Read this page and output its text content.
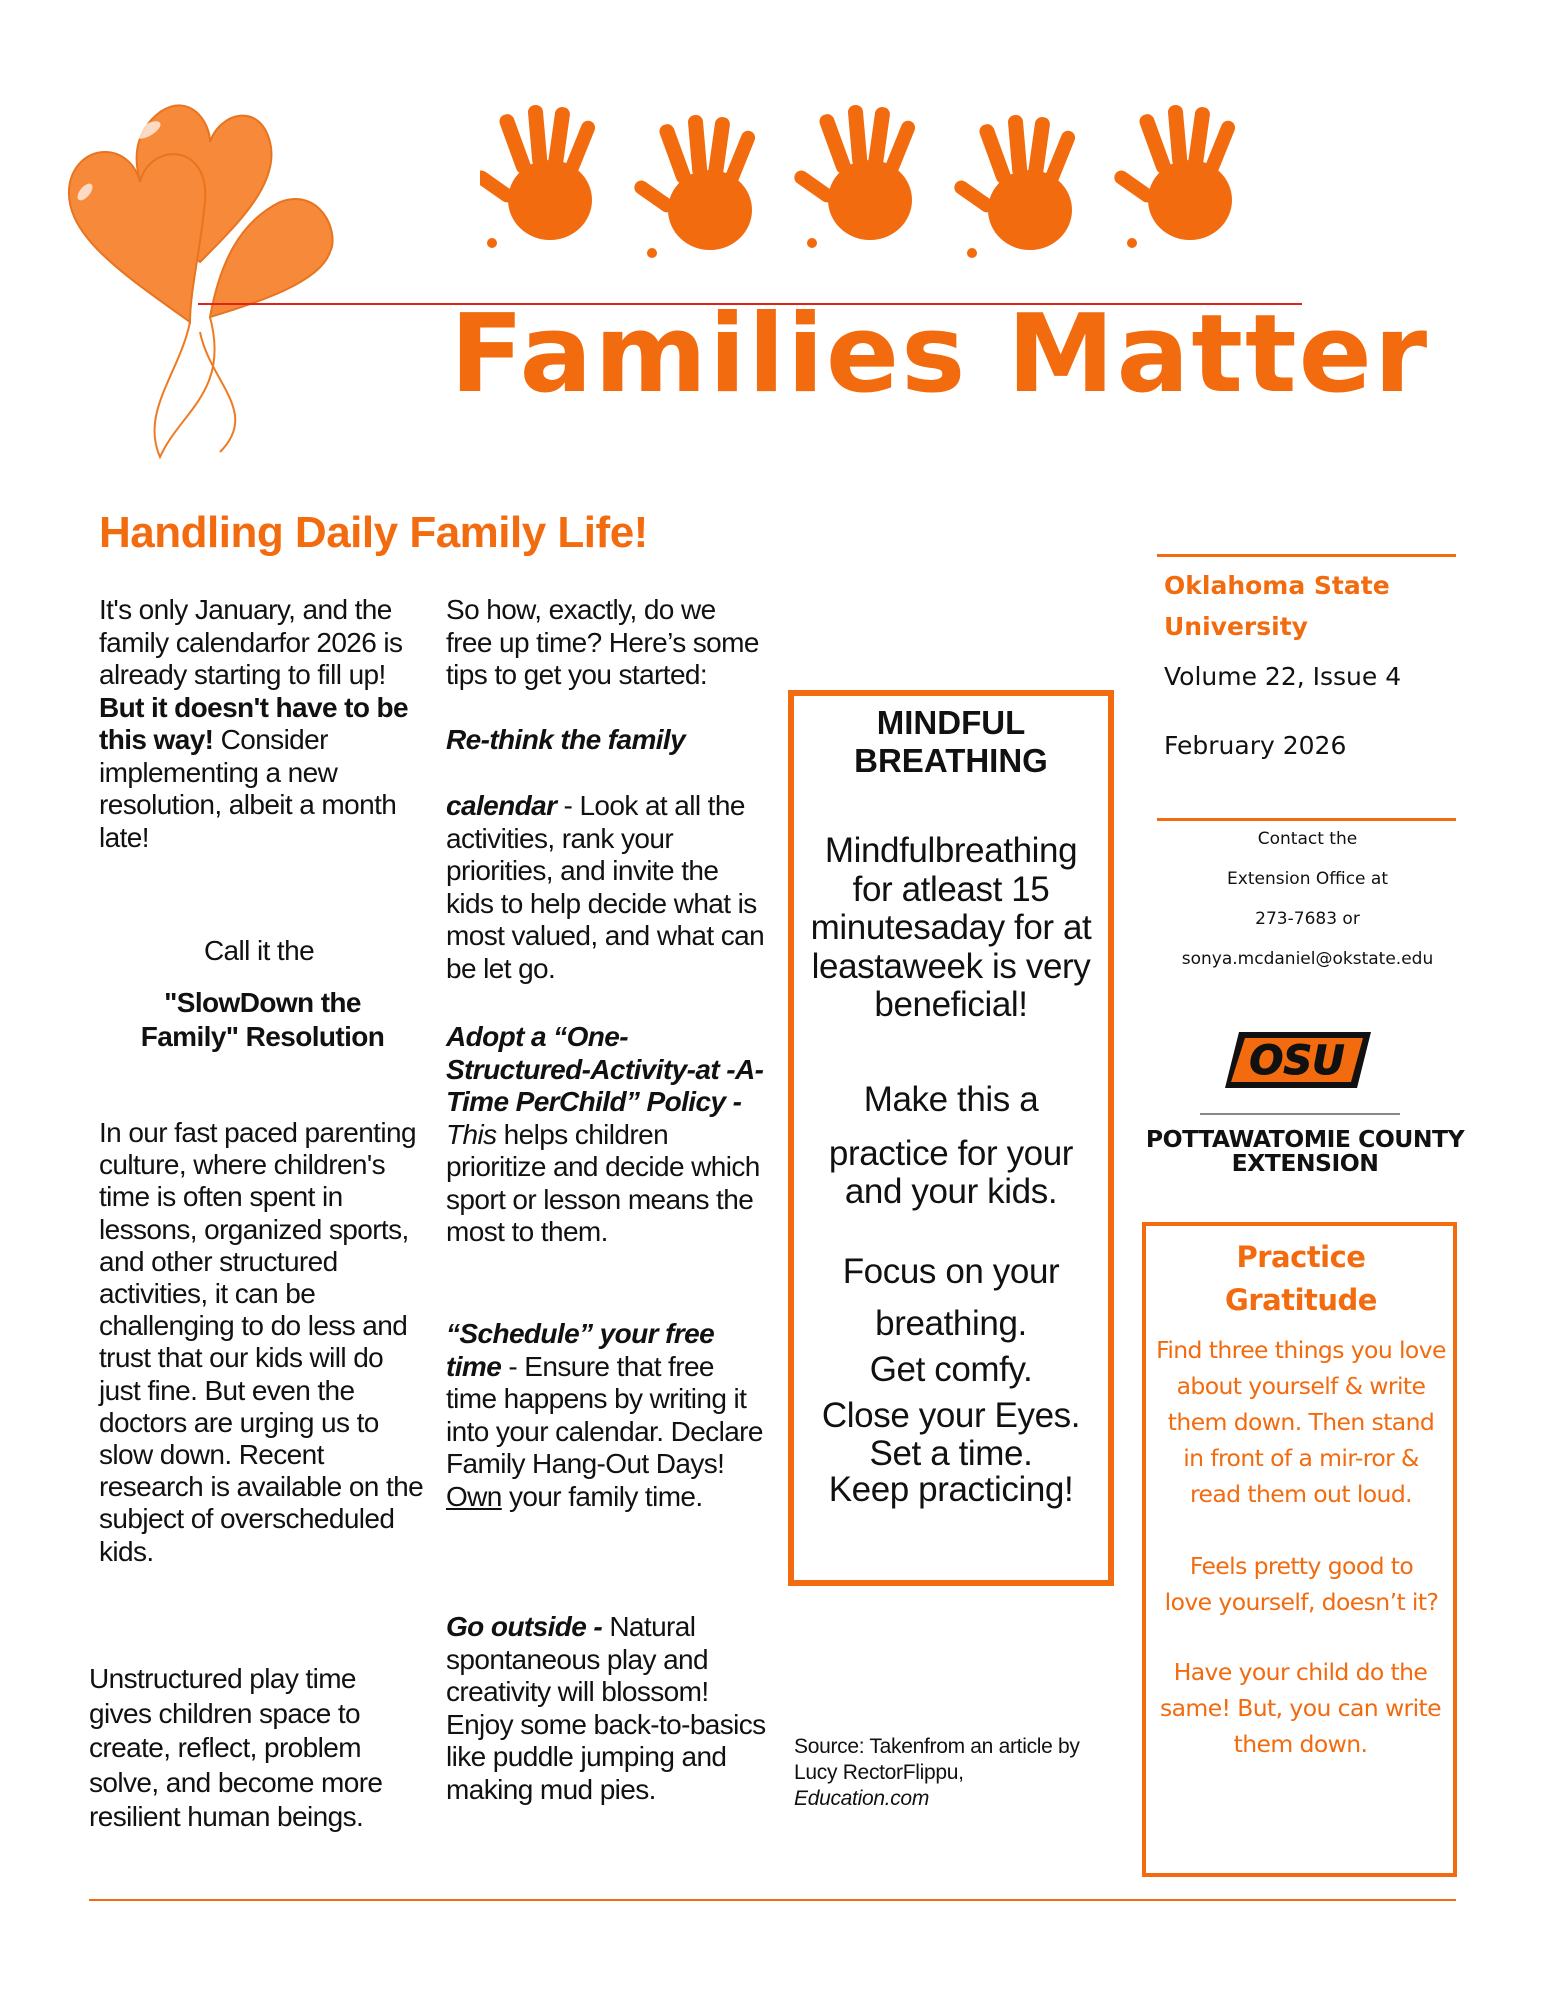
Families Matter
Handling Daily Family Life!
It's only January, and the family calendarfor 2026 is already starting to fill up! But it doesn't have to be this way! Consider implementing a new resolution, albeit a month late!
Call it the
"SlowDown the Family" Resolution
In our fast paced parenting culture, where children's time is often spent in lessons, organized sports, and other structured activities, it can be challenging to do less and trust that our kids will do just fine. But even the doctors are urging us to slow down. Recent research is available on the subject of overscheduled kids.
Unstructured play time gives children space to create, reflect, problem solve, and become more resilient human beings.
So how, exactly, do we free up time? Here’s some tips to get you started:
Re-think the family
calendar - Look at all the activities, rank your priorities, and invite the kids to help decide what is most valued, and what can be let go.
Adopt a “One-Structured-Activity-at -A-Time PerChild” Policy - This helps children prioritize and decide which sport or lesson means the most to them.
“Schedule” your free time - Ensure that free time happens by writing it into your calendar. Declare Family Hang-Out Days! Own your family time.
Go outside - Natural spontaneous play and creativity will blossom! Enjoy some back-to-basics like puddle jumping and making mud pies.
MINDFUL BREATHING
Mindfulbreathing for atleast 15 minutesaday for at leastaweek is very beneficial!
Make this a
practice for your
and your kids.
Focus on your
breathing.
Get comfy.
Close your Eyes.
Set a time.
Keep practicing!
Source: Takenfrom an article by Lucy RectorFlippu,
Education.com
Oklahoma State University
Volume 22, Issue 4
February 2026
Contact the
Extension Office at
273-7683 or
sonya.mcdaniel@okstate.edu
OSU
POTTAWATOMIE COUNTY
EXTENSION
Practice Gratitude
Find three things you love about yourself & write them down. Then stand in front of a mir-ror & read them out loud.
Feels pretty good to love yourself, doesn’t it?
Have your child do the same! But, you can write them down.
